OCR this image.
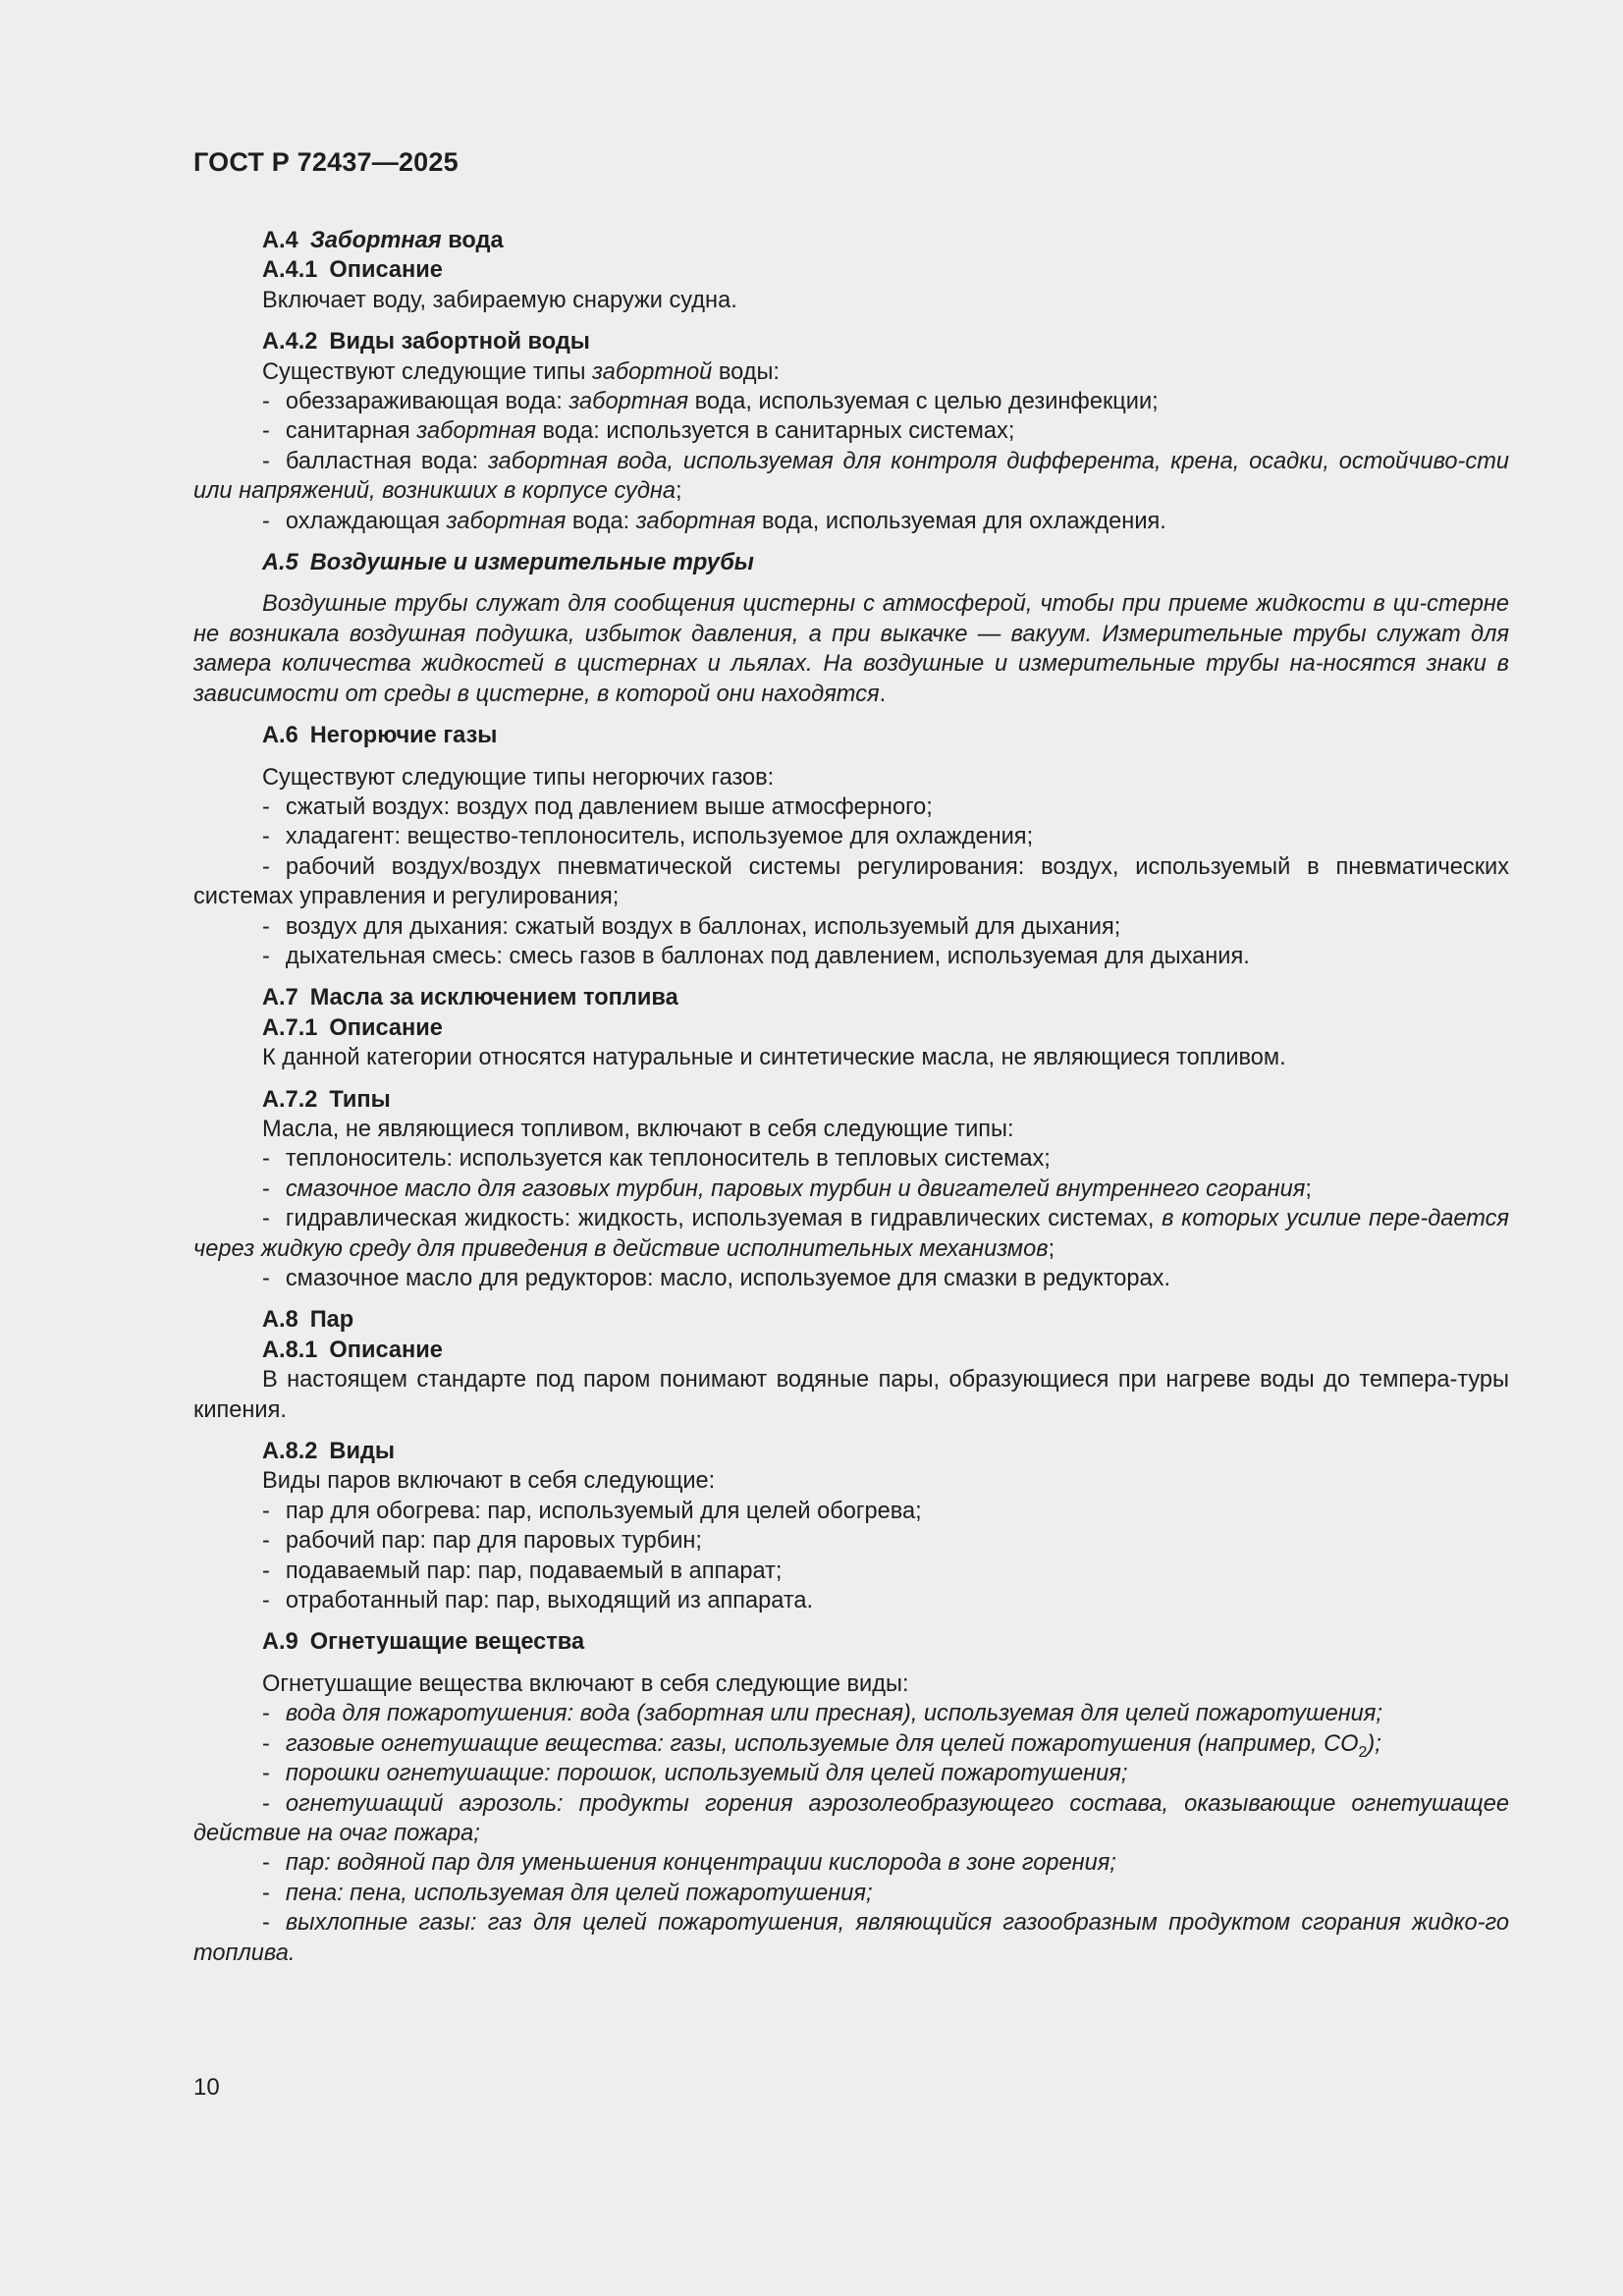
ГОСТ Р 72437—2025

А.4 Забортная вода

А.4.1 Описание

Включает воду, забираемую снаружи судна.

А.4.2 Виды забортной воды

Существуют следующие типы забортной воды:

- обеззараживающая вода: забортная вода, используемая с целью дезинфекции;

- санитарная забортная вода: используется в санитарных системах;

- балластная вода: забортная вода, используемая для контроля дифферента, крена, осадки, остойчиво-сти или напряжений, возникших в корпусе судна;

- охлаждающая забортная вода: забортная вода, используемая для охлаждения.

А.5 Воздушные и измерительные трубы

Воздушные трубы служат для сообщения цистерны с атмосферой, чтобы при приеме жидкости в ци-стерне не возникала воздушная подушка, избыток давления, а при выкачке — вакуум. Измерительные трубы служат для замера количества жидкостей в цистернах и льялах. На воздушные и измерительные трубы на-носятся знаки в зависимости от среды в цистерне, в которой они находятся.

А.6 Негорючие газы

Существуют следующие типы негорючих газов:

- сжатый воздух: воздух под давлением выше атмосферного;

- хладагент: вещество-теплоноситель, используемое для охлаждения;

- рабочий воздух/воздух пневматической системы регулирования: воздух, используемый в пневматических системах управления и регулирования;

- воздух для дыхания: сжатый воздух в баллонах, используемый для дыхания;

- дыхательная смесь: смесь газов в баллонах под давлением, используемая для дыхания.

А.7 Масла за исключением топлива

А.7.1 Описание

К данной категории относятся натуральные и синтетические масла, не являющиеся топливом.

А.7.2 Типы

Масла, не являющиеся топливом, включают в себя следующие типы:

- теплоноситель: используется как теплоноситель в тепловых системах;

- смазочное масло для газовых турбин, паровых турбин и двигателей внутреннего сгорания;

- гидравлическая жидкость: жидкость, используемая в гидравлических системах, в которых усилие пере-дается через жидкую среду для приведения в действие исполнительных механизмов;

- смазочное масло для редукторов: масло, используемое для смазки в редукторах.

А.8 Пар

А.8.1 Описание

В настоящем стандарте под паром понимают водяные пары, образующиеся при нагреве воды до темпера-туры кипения.

А.8.2 Виды

Виды паров включают в себя следующие:

- пар для обогрева: пар, используемый для целей обогрева;

- рабочий пар: пар для паровых турбин;

- подаваемый пар: пар, подаваемый в аппарат;

- отработанный пар: пар, выходящий из аппарата.

А.9 Огнетушащие вещества

Огнетушащие вещества включают в себя следующие виды:

- вода для пожаротушения: вода (забортная или пресная), используемая для целей пожаротушения;

- газовые огнетушащие вещества: газы, используемые для целей пожаротушения (например, $CO_2$);

- порошки огнетушащие: порошок, используемый для целей пожаротушения;

- огнетушащий аэрозоль: продукты горения аэрозолеобразующего состава, оказывающие огнетушащее действие на очаг пожара;

- пар: водяной пар для уменьшения концентрации кислорода в зоне горения;

- пена: пена, используемая для целей пожаротушения;

- выхлопные газы: газ для целей пожаротушения, являющийся газообразным продуктом сгорания жидко-го топлива.

10
